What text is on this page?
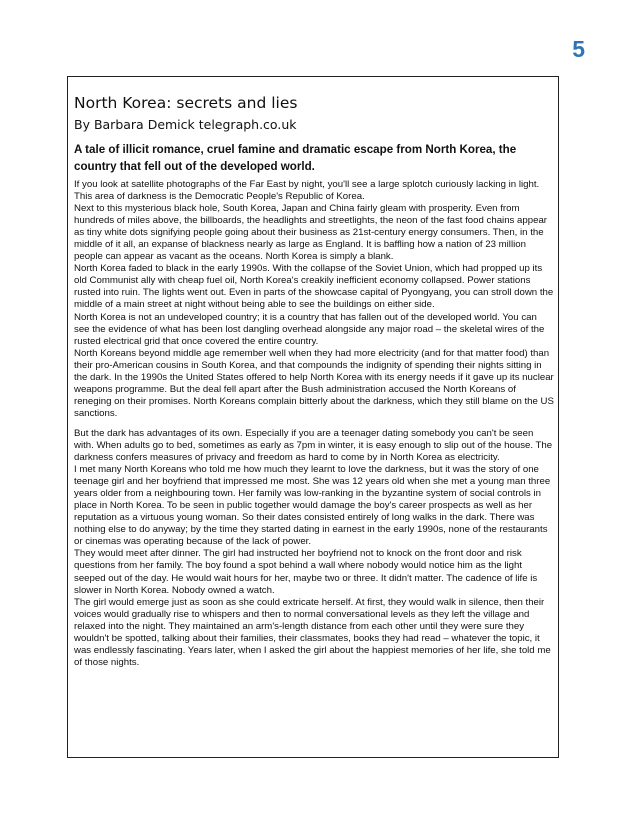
5
North Korea: secrets and lies
By Barbara Demick telegraph.co.uk
A tale of illicit romance, cruel famine and dramatic escape from North Korea, the country that fell out of the developed world.

If you look at satellite photographs of the Far East by night, you'll see a large splotch curiously lacking in light. This area of darkness is the Democratic People's Republic of Korea.

Next to this mysterious black hole, South Korea, Japan and China fairly gleam with prosperity. Even from hundreds of miles above, the billboards, the headlights and streetlights, the neon of the fast food chains appear as tiny white dots signifying people going about their business as 21st-century energy consumers. Then, in the middle of it all, an expanse of blackness nearly as large as England. It is baffling how a nation of 23 million people can appear as vacant as the oceans. North Korea is simply a blank.

North Korea faded to black in the early 1990s. With the collapse of the Soviet Union, which had propped up its old Communist ally with cheap fuel oil, North Korea's creakily inefficient economy collapsed. Power stations rusted into ruin. The lights went out. Even in parts of the showcase capital of Pyongyang, you can stroll down the middle of a main street at night without being able to see the buildings on either side.

North Korea is not an undeveloped country; it is a country that has fallen out of the developed world. You can see the evidence of what has been lost dangling overhead alongside any major road – the skeletal wires of the rusted electrical grid that once covered the entire country.

North Koreans beyond middle age remember well when they had more electricity (and for that matter food) than their pro-American cousins in South Korea, and that compounds the indignity of spending their nights sitting in the dark. In the 1990s the United States offered to help North Korea with its energy needs if it gave up its nuclear weapons programme. But the deal fell apart after the Bush administration accused the North Koreans of reneging on their promises. North Koreans complain bitterly about the darkness, which they still blame on the US sanctions.

But the dark has advantages of its own. Especially if you are a teenager dating somebody you can't be seen with. When adults go to bed, sometimes as early as 7pm in winter, it is easy enough to slip out of the house. The darkness confers measures of privacy and freedom as hard to come by in North Korea as electricity.

I met many North Koreans who told me how much they learnt to love the darkness, but it was the story of one teenage girl and her boyfriend that impressed me most. She was 12 years old when she met a young man three years older from a neighbouring town. Her family was low-ranking in the byzantine system of social controls in place in North Korea. To be seen in public together would damage the boy's career prospects as well as her reputation as a virtuous young woman. So their dates consisted entirely of long walks in the dark. There was nothing else to do anyway; by the time they started dating in earnest in the early 1990s, none of the restaurants or cinemas was operating because of the lack of power.

They would meet after dinner. The girl had instructed her boyfriend not to knock on the front door and risk questions from her family. The boy found a spot behind a wall where nobody would notice him as the light seeped out of the day. He would wait hours for her, maybe two or three. It didn't matter. The cadence of life is slower in North Korea. Nobody owned a watch.

The girl would emerge just as soon as she could extricate herself. At first, they would walk in silence, then their voices would gradually rise to whispers and then to normal conversational levels as they left the village and relaxed into the night. They maintained an arm's-length distance from each other until they were sure they wouldn't be spotted, talking about their families, their classmates, books they had read – whatever the topic, it was endlessly fascinating. Years later, when I asked the girl about the happiest memories of her life, she told me of those nights.
